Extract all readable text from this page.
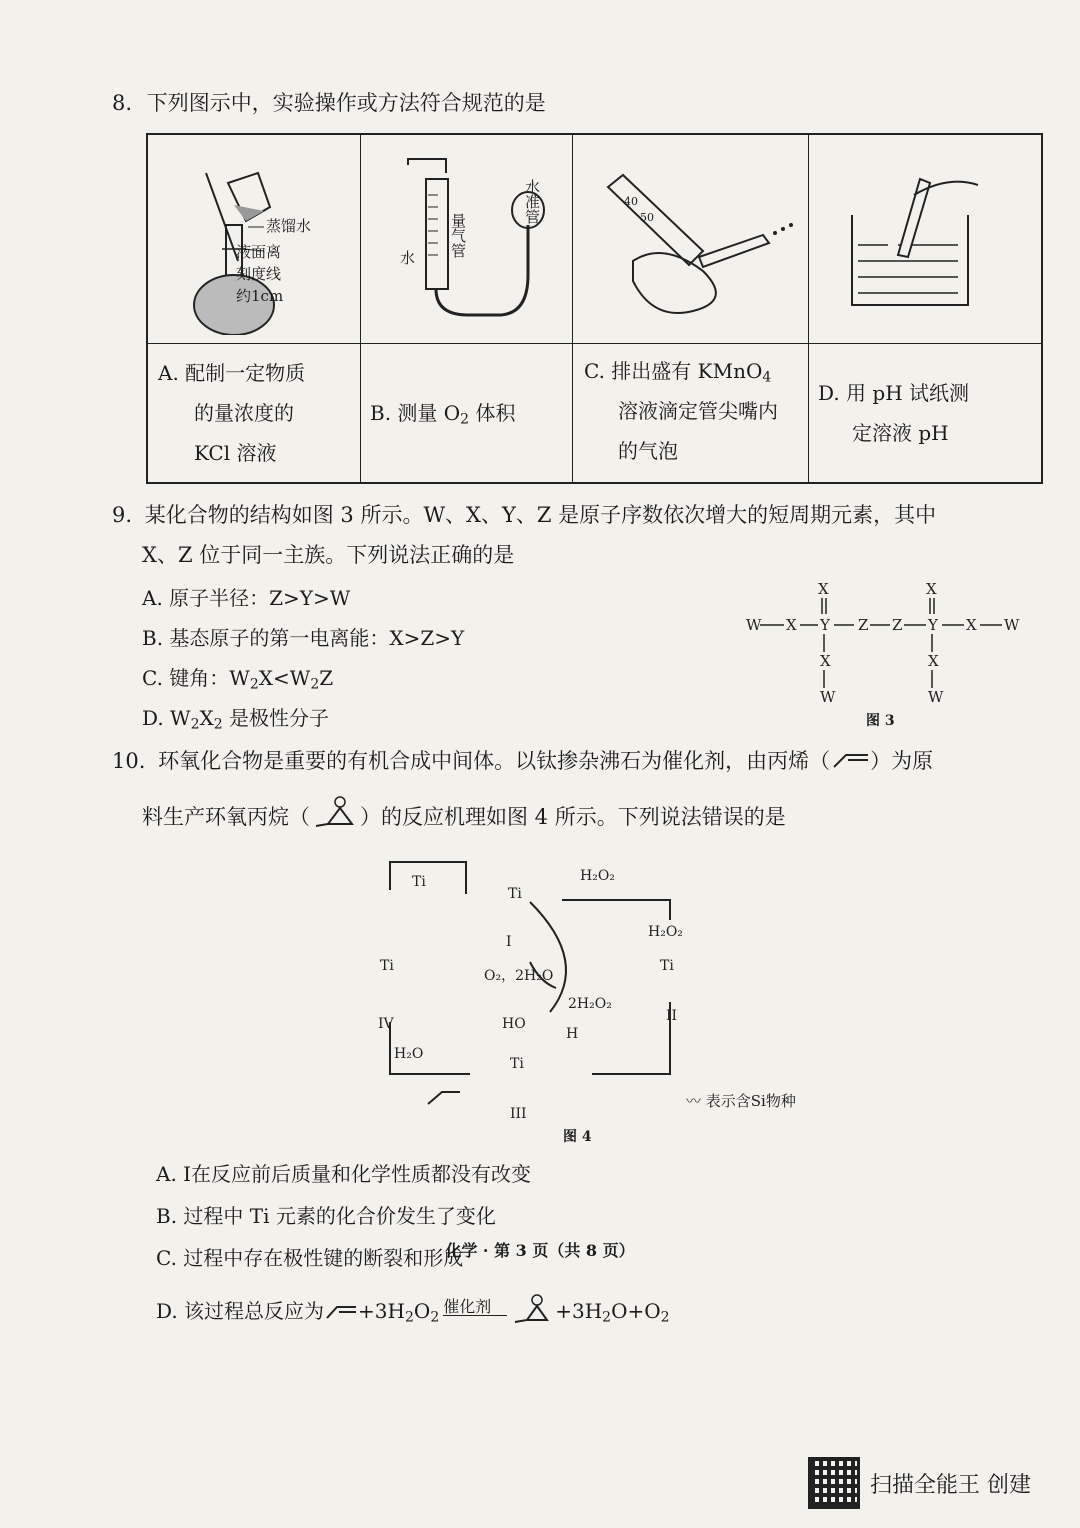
8. 下列图示中，实验操作或方法符合规范的是
蒸馏水
液面离
刻度线
约1cm
水 量气管
水准管	40
50
A. 配制一定物质
的量浓度的
KCl 溶液
B. 测量 $O_2$ 体积
C. 排出盛有 KMnO$_4$
溶液滴定管尖嘴内
的气泡
D. 用 pH 试纸测
定溶液 pH
9. 某化合物的结构如图 3 所示。W、X、Y、Z 是原子序数依次增大的短周期元素，其中
X、Z 位于同一主族。下列说法正确的是
A. 原子半径：Z>Y>W
B. 基态原子的第一电离能：X>Z>Y
C. 键角：$W_2X<W_2Z$
D. $W_2X_2$ 是极性分子
X	X
W X Y Z Z Y X W
X	X
W	W
图 3
10. 环氧化合物是重要的有机合成中间体。以钛掺杂沸石为催化剂，由丙烯（ ）为原
料生产环氧丙烷（ ）的反应机理如图 4 所示。下列说法错误的是
Ti
Ti
H₂O₂
I
H₂O₂
Ti
II
O₂，2H₂O
2H₂O₂
Ti
IV
H₂O
HO
H
Ti
III
〰 表示含Si物种
图 4
A. Ⅰ在反应前后质量和化学性质都没有改变
B. 过程中 Ti 元素的化合价发生了变化
C. 过程中存在极性键的断裂和形成
D. 该过程总反应为 $+3H_2O_2$
催化剂	$+3H_2O+O_2$
化学 · 第 3 页（共 8 页）
扫描全能王 创建
